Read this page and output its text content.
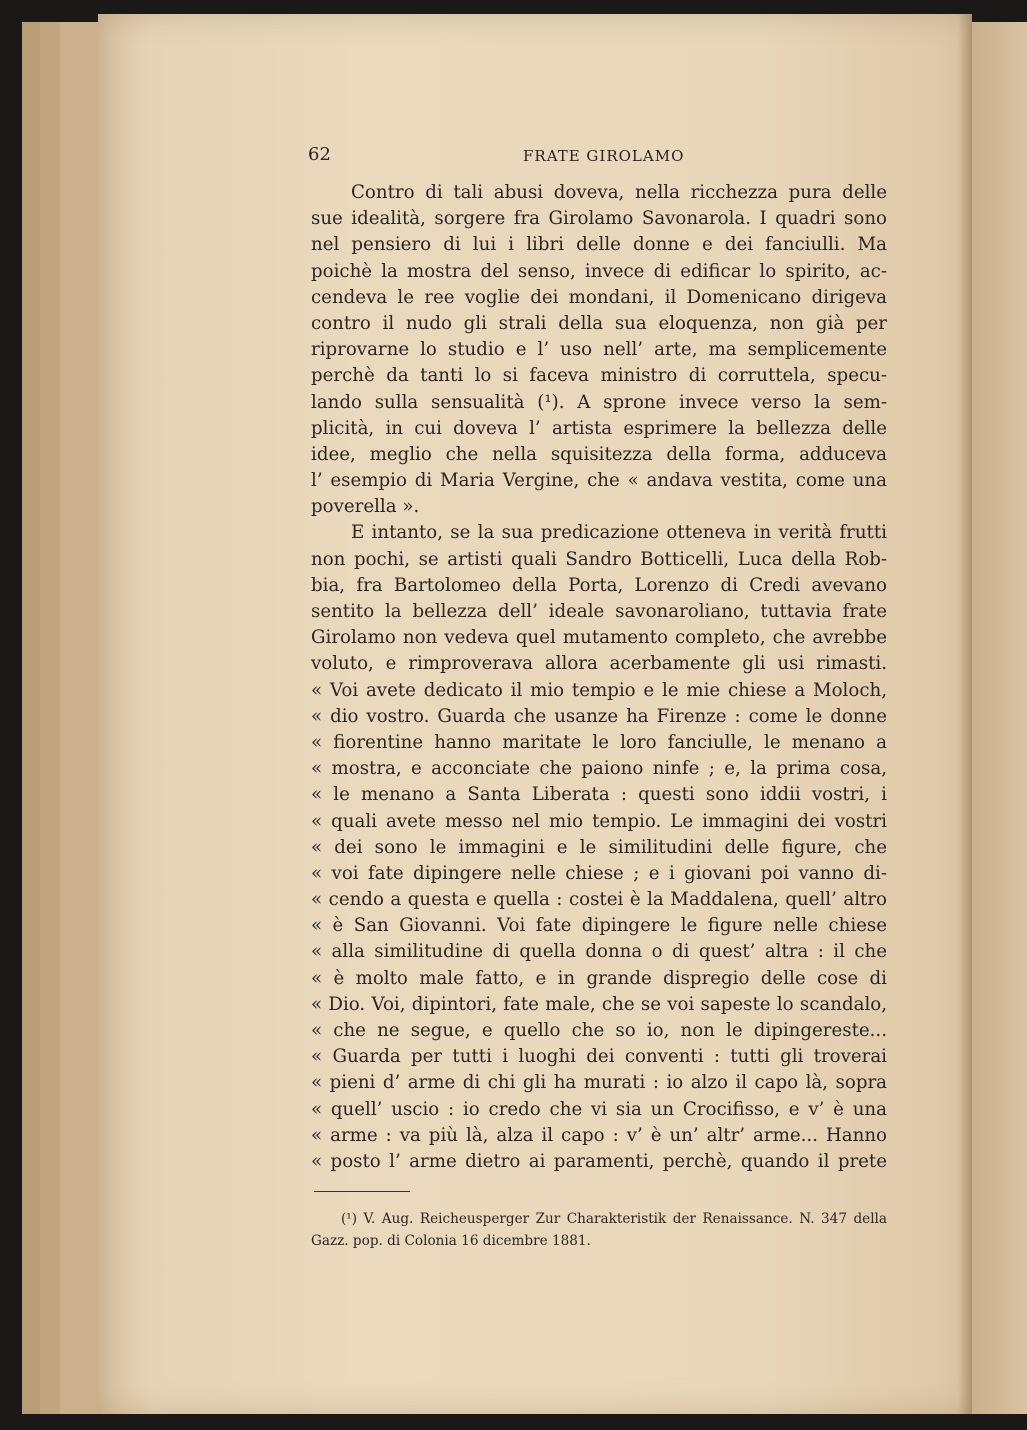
62	FRATE GIROLAMO
Contro di tali abusi doveva, nella ricchezza pura delle
sue idealità, sorgere fra Girolamo Savonarola. I quadri sono
nel pensiero di lui i libri delle donne e dei fanciulli. Ma
poichè la mostra del senso, invece di edificar lo spirito, ac-
cendeva le ree voglie dei mondani, il Domenicano dirigeva
contro il nudo gli strali della sua eloquenza, non già per
riprovarne lo studio e l’ uso nell’ arte, ma semplicemente
perchè da tanti lo si faceva ministro di corruttela, specu-
lando sulla sensualità (¹). A sprone invece verso la sem-
plicità, in cui doveva l’ artista esprimere la bellezza delle
idee, meglio che nella squisitezza della forma, adduceva
l’ esempio di Maria Vergine, che « andava vestita, come una
poverella ».
E intanto, se la sua predicazione otteneva in verità frutti
non pochi, se artisti quali Sandro Botticelli, Luca della Rob-
bia, fra Bartolomeo della Porta, Lorenzo di Credi avevano
sentito la bellezza dell’ ideale savonaroliano, tuttavia frate
Girolamo non vedeva quel mutamento completo, che avrebbe
voluto, e rimproverava allora acerbamente gli usi rimasti.
« Voi avete dedicato il mio tempio e le mie chiese a Moloch,
« dio vostro. Guarda che usanze ha Firenze : come le donne
« fiorentine hanno maritate le loro fanciulle, le menano a
« mostra, e acconciate che paiono ninfe ; e, la prima cosa,
« le menano a Santa Liberata : questi sono iddii vostri, i
« quali avete messo nel mio tempio. Le immagini dei vostri
« dei sono le immagini e le similitudini delle figure, che
« voi fate dipingere nelle chiese ; e i giovani poi vanno di-
« cendo a questa e quella : costei è la Maddalena, quell’ altro
« è San Giovanni. Voi fate dipingere le figure nelle chiese
« alla similitudine di quella donna o di quest’ altra : il che
« è molto male fatto, e in grande dispregio delle cose di
« Dio. Voi, dipintori, fate male, che se voi sapeste lo scandalo,
« che ne segue, e quello che so io, non le dipingereste...
« Guarda per tutti i luoghi dei conventi : tutti gli troverai
« pieni d’ arme di chi gli ha murati : io alzo il capo là, sopra
« quell’ uscio : io credo che vi sia un Crocifisso, e v’ è una
« arme : va più là, alza il capo : v’ è un’ altr’ arme... Hanno
« posto l’ arme dietro ai paramenti, perchè, quando il prete
(¹) V. Aug. Reicheusperger Zur Charakteristik der Renaissance. N. 347 della
Gazz. pop. di Colonia 16 dicembre 1881.
